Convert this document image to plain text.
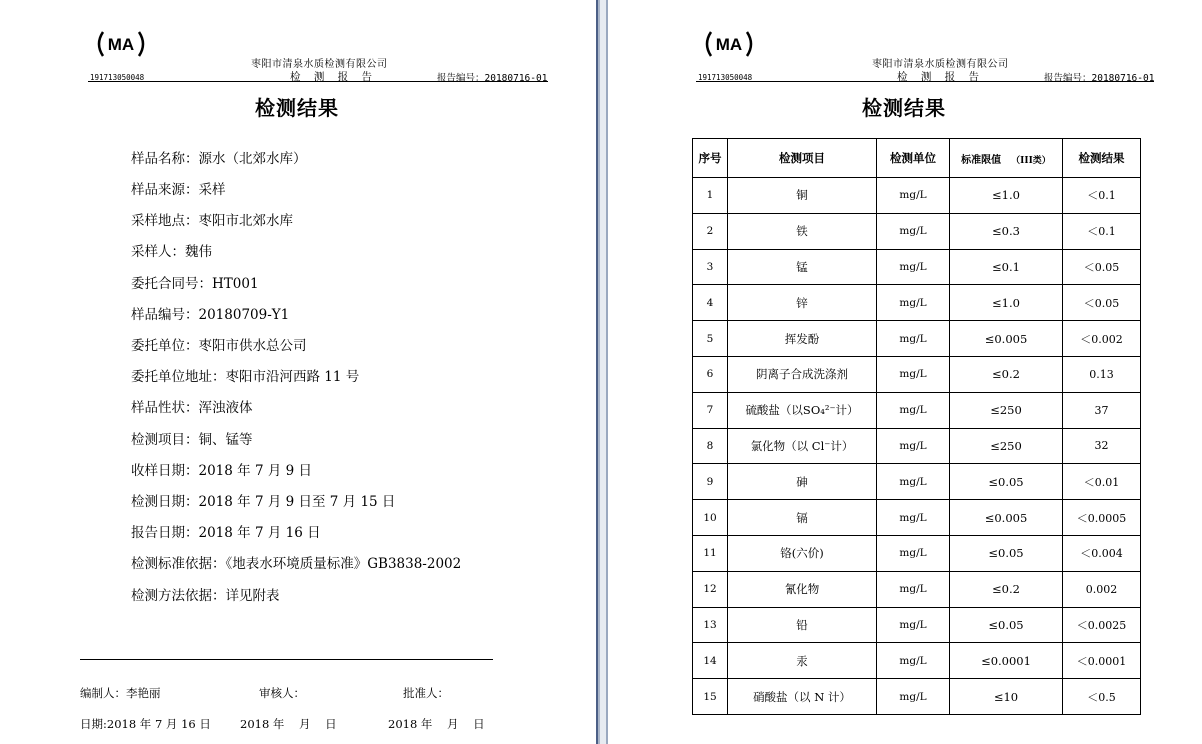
MA
枣阳市清泉水质检测有限公司
191713050048	检 测 报 告	报告编号：20180716-01
检测结果
样品名称：源水（北郊水库）
样品来源：采样
采样地点：枣阳市北郊水库
采样人：魏伟
委托合同号：HT001
样品编号：20180709-Y1
委托单位：枣阳市供水总公司
委托单位地址：枣阳市沿河西路 11 号
样品性状：浑浊液体
检测项目：铜、锰等
收样日期：2018 年 7 月 9 日
检测日期：2018 年 7 月 9 日至 7 月 15 日
报告日期：2018 年 7 月 16 日
检测标准依据：《地表水环境质量标准》GB3838-2002
检测方法依据：详见附表
编制人：李艳丽	审核人：	批准人：
日期:2018 年 7 月 16 日	2018 年    月    日	2018 年    月    日
MA
枣阳市清泉水质检测有限公司
191713050048	检 测 报 告	报告编号：20180716-01
检测结果
序号	检测项目	检测单位	标准限值 （III类）	检测结果
1	铜	mg/L	≤1.0	＜0.1
2	铁	mg/L	≤0.3	＜0.1
3	锰	mg/L	≤0.1	＜0.05
4	锌	mg/L	≤1.0	＜0.05
5	挥发酚	mg/L	≤0.005	＜0.002
6	阴离子合成洗涤剂	mg/L	≤0.2	0.13
7	硫酸盐（以SO₄²⁻计）	mg/L	≤250	37
8	氯化物（以 Cl⁻计）	mg/L	≤250	32
9	砷	mg/L	≤0.05	＜0.01
10	镉	mg/L	≤0.005	＜0.0005
11	铬(六价)	mg/L	≤0.05	＜0.004
12	氰化物	mg/L	≤0.2	0.002
13	铅	mg/L	≤0.05	＜0.0025
14	汞	mg/L	≤0.0001	＜0.0001
15	硝酸盐（以 N 计）	mg/L	≤10	＜0.5
